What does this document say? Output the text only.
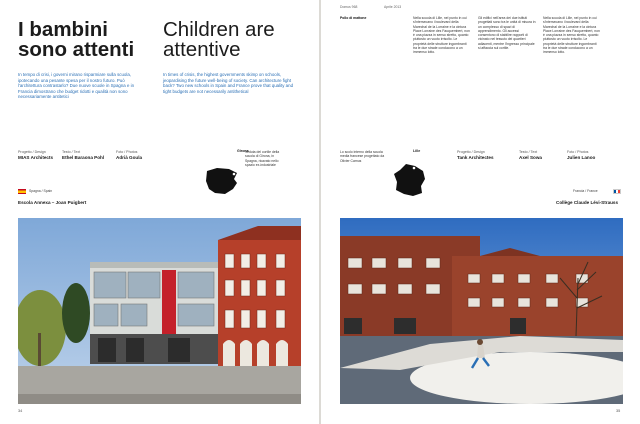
I bambini sono attenti
Children are attentive
In tempo di crisi, i governi mirano risparmiare sulla scuola, ipotecando una pesante spesa per il nostro futuro. Può l'architettura contrastarlo? Due nuove scuole in Spagna e in Francia dimostrano che budget ridotti e qualità non sono necessariamente antitetici
In times of crisis, the highest governments skimp on schools, jeopardising the future well-being of society. Can architecture fight back? Two new schools in Spain and France prove that quality and tight budgets are not necessarily antithetical
Progetto / Design
MIAS Architects
Testo / Text
Ethel Baraona Pohl
Foto / Photos
Adrià Goula
Girona
Veduta del cortile della scuola di Girona, in Spagna, ricavato nello spazio ex-industriale
Spagna / Spain
Escola Annexa – Joan Puigbert
34
Domus 968	Aprile 2013
Pollo di mattone	Nella scuola di Lille, nel punto in cui s'intersecano i boulevard della Marechal de la Lorraine e la cintura Place Lorraine des Fauquembert, non è una piazza in senso stretto, quanto piuttosto un vuoto irrisolto. Le proprietà delle strutture ingombranti tra le due strade conducono a un immenso lotto.
Gli edifici nell'area dei due istituti progettati sono tra le unità di misura in un complesso di spazi di apprendimento. Gli accessi consentono di stabilire rapporti di vicinato nel tessuto dei quartieri adiacenti, mentre l'ingresso principale si affaccia sul cortile.
Nella scuola di Lille, nel punto in cui s'intersecano i boulevard della Marechal de la Lorraine e la cintura Place Lorraine des Fauquembert, non è una piazza in senso stretto, quanto piuttosto un vuoto irrisolto. Le proprietà delle strutture ingombranti tra le due strade conducono a un immenso lotto.
Lo scolo interno della scuola media francese progettato da Olivier Camus
Lille	Progetto / Design
Tank Architectes
Testo / Text
Axel Sowa
Foto / Photos
Julien Lanoo
Francia / France
Collège Claude Lévi-Strauss
35
